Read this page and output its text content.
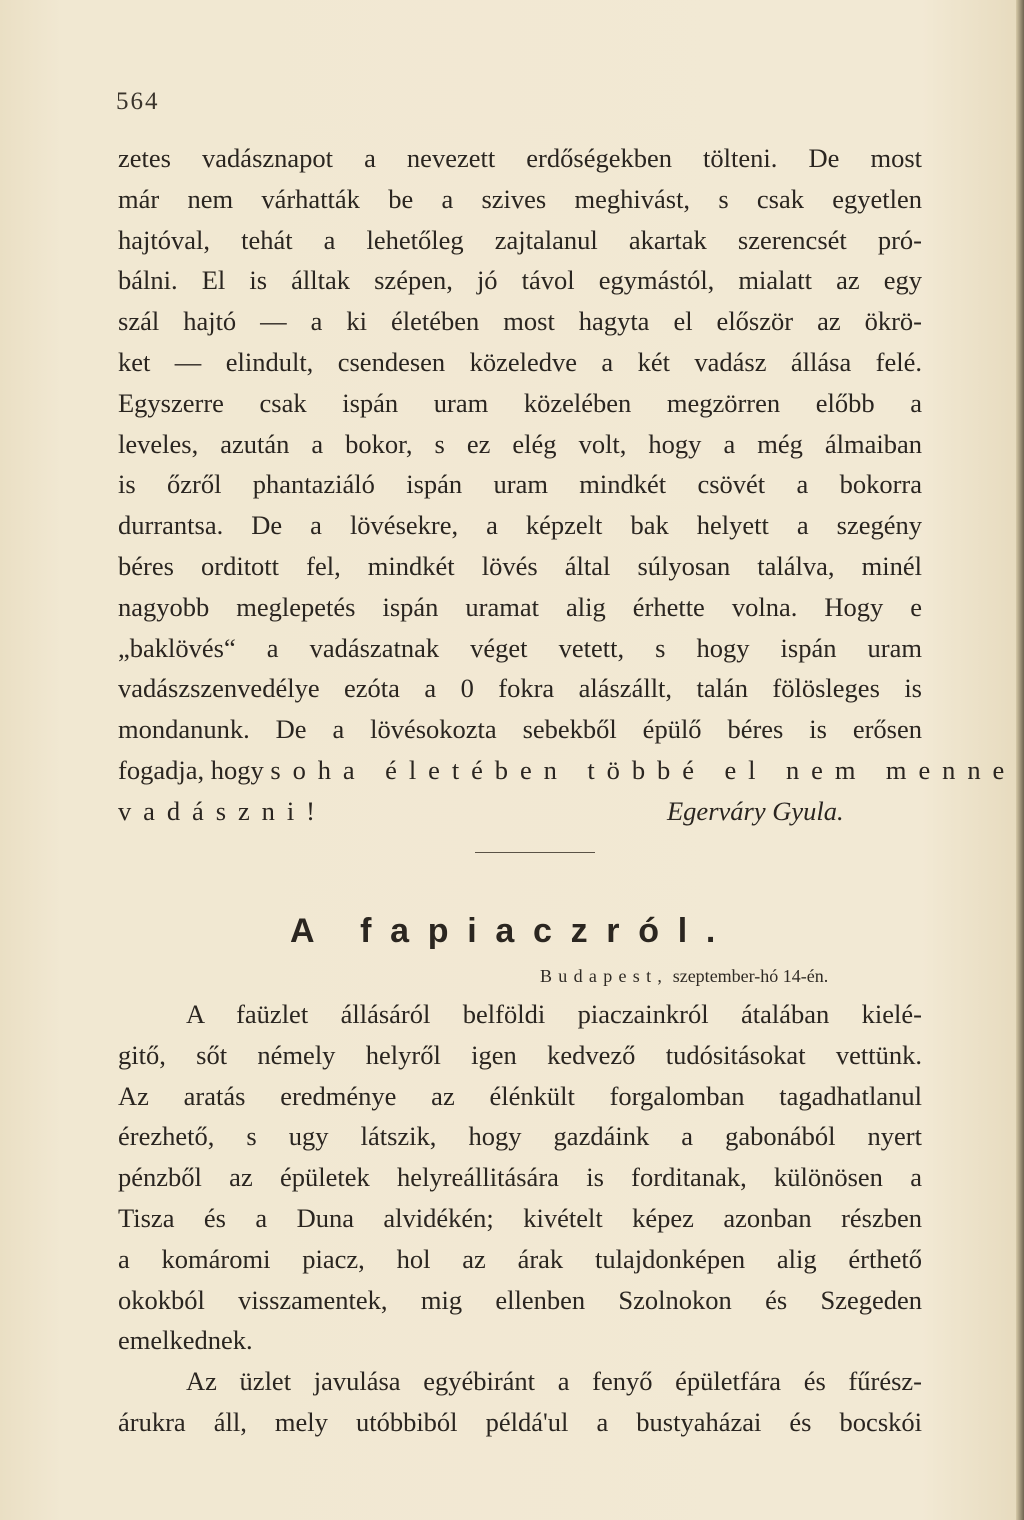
564
zetes vadásznapot a nevezett erdőségekben tölteni. De most
már nem várhatták be a szives meghivást, s csak egyetlen
hajtóval, tehát a lehetőleg zajtalanul akartak szerencsét pró-
bálni. El is álltak szépen, jó távol egymástól, mialatt az egy
szál hajtó — a ki életében most hagyta el először az ökrö-
ket — elindult, csendesen közeledve a két vadász állása felé.
Egyszerre csak ispán uram közelében megzörren előbb a
leveles, azután a bokor, s ez elég volt, hogy a még álmaiban
is őzről phantaziáló ispán uram mindkét csövét a bokorra
durrantsa. De a lövésekre, a képzelt bak helyett a szegény
béres orditott fel, mindkét lövés által súlyosan találva, minél
nagyobb meglepetés ispán uramat alig érhette volna. Hogy e
„baklövés“ a vadászatnak véget vetett, s hogy ispán uram
vadászszenvedélye ezóta a 0 fokra alászállt, talán fölösleges is
mondanunk. De a lövésokozta sebekből épülő béres is erősen
fogadja, hogy soha életében többé el nem menne
vadászni!	Egerváry Gyula.
A fapiaczról.
Budapest, szeptember-hó 14-én.
A faüzlet állásáról belföldi piaczainkról átalában kielé-
gitő, sőt némely helyről igen kedvező tudósitásokat vettünk.
Az aratás eredménye az élénkült forgalomban tagadhatlanul
érezhető, s ugy látszik, hogy gazdáink a gabonából nyert
pénzből az épületek helyreállitására is forditanak, különösen a
Tisza és a Duna alvidékén; kivételt képez azonban részben
a komáromi piacz, hol az árak tulajdonképen alig érthető
okokból visszamentek, mig ellenben Szolnokon és Szegeden
emelkednek.
Az üzlet javulása egyébiránt a fenyő épületfára és fűrész-
árukra áll, mely utóbbiból példá'ul a bustyaházai és bocskói
